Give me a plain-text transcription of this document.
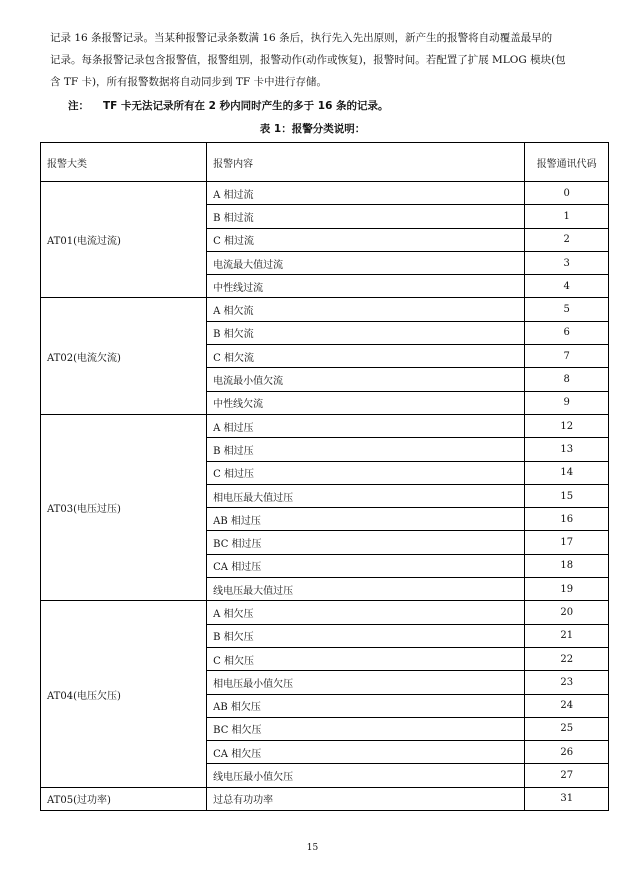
记录 16 条报警记录。当某种报警记录条数满 16 条后，执行先入先出原则，新产生的报警将自动覆盖最早的
记录。每条报警记录包含报警值，报警组别，报警动作(动作或恢复)，报警时间。若配置了扩展 MLOG 模块(包
含 TF 卡)，所有报警数据将自动同步到 TF 卡中进行存储。
注： TF 卡无法记录所有在 2 秒内同时产生的多于 16 条的记录。
表 1：报警分类说明：
报警大类	报警内容	报警通讯代码
AT01(电流过流)	A 相过流	0
	B 相过流	1
	C 相过流	2
	电流最大值过流	3
	中性线过流	4
AT02(电流欠流)	A 相欠流	5
	B 相欠流	6
	C 相欠流	7
	电流最小值欠流	8
	中性线欠流	9
AT03(电压过压)	A 相过压	12
	B 相过压	13
	C 相过压	14
	相电压最大值过压	15
	AB 相过压	16
	BC 相过压	17
	CA 相过压	18
	线电压最大值过压	19
AT04(电压欠压)	A 相欠压	20
	B 相欠压	21
	C 相欠压	22
	相电压最小值欠压	23
	AB 相欠压	24
	BC 相欠压	25
	CA 相欠压	26
	线电压最小值欠压	27
AT05(过功率)	过总有功功率	31
15
